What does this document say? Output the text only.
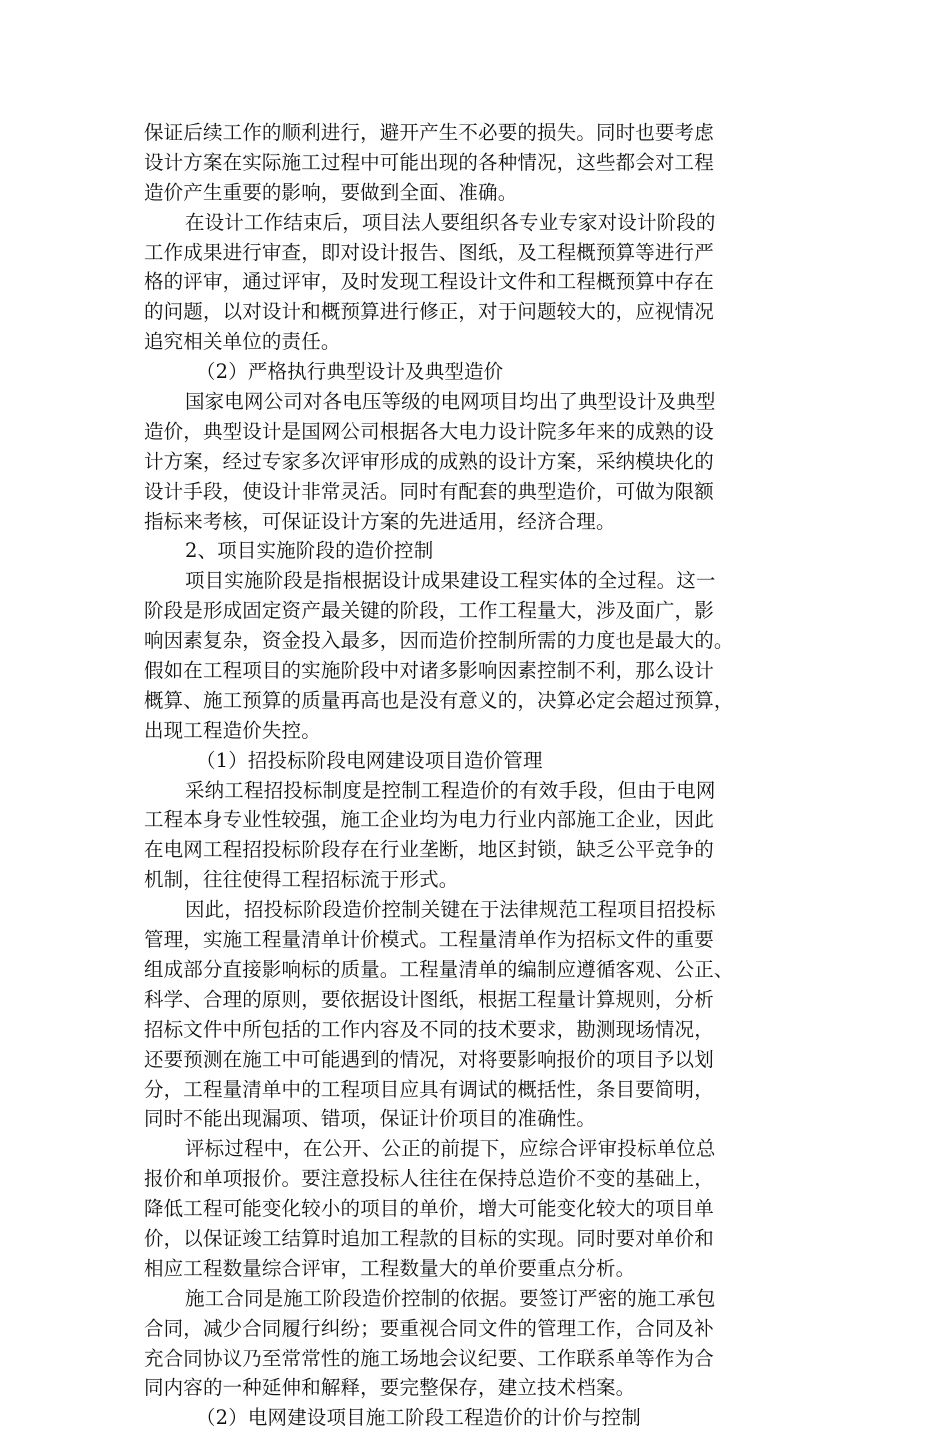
保证后续工作的顺利进行，避开产生不必要的损失。同时也要考虑
设计方案在实际施工过程中可能出现的各种情况，这些都会对工程
造价产生重要的影响，要做到全面、准确。
在设计工作结束后，项目法人要组织各专业专家对设计阶段的
工作成果进行审查，即对设计报告、图纸，及工程概预算等进行严
格的评审，通过评审，及时发现工程设计文件和工程概预算中存在
的问题，以对设计和概预算进行修正，对于问题较大的，应视情况
追究相关单位的责任。
（2）严格执行典型设计及典型造价
国家电网公司对各电压等级的电网项目均出了典型设计及典型
造价，典型设计是国网公司根据各大电力设计院多年来的成熟的设
计方案，经过专家多次评审形成的成熟的设计方案，采纳模块化的
设计手段，使设计非常灵活。同时有配套的典型造价，可做为限额
指标来考核，可保证设计方案的先进适用，经济合理。
2、项目实施阶段的造价控制
项目实施阶段是指根据设计成果建设工程实体的全过程。这一
阶段是形成固定资产最关键的阶段，工作工程量大，涉及面广，影
响因素复杂，资金投入最多，因而造价控制所需的力度也是最大的。
假如在工程项目的实施阶段中对诸多影响因素控制不利，那么设计
概算、施工预算的质量再高也是没有意义的，决算必定会超过预算，
出现工程造价失控。
（1）招投标阶段电网建设项目造价管理
采纳工程招投标制度是控制工程造价的有效手段，但由于电网
工程本身专业性较强，施工企业均为电力行业内部施工企业，因此
在电网工程招投标阶段存在行业垄断，地区封锁，缺乏公平竞争的
机制，往往使得工程招标流于形式。
因此，招投标阶段造价控制关键在于法律规范工程项目招投标
管理，实施工程量清单计价模式。工程量清单作为招标文件的重要
组成部分直接影响标的质量。工程量清单的编制应遵循客观、公正、
科学、合理的原则，要依据设计图纸，根据工程量计算规则，分析
招标文件中所包括的工作内容及不同的技术要求，勘测现场情况，
还要预测在施工中可能遇到的情况，对将要影响报价的项目予以划
分，工程量清单中的工程项目应具有调试的概括性，条目要简明，
同时不能出现漏项、错项，保证计价项目的准确性。
评标过程中，在公开、公正的前提下，应综合评审投标单位总
报价和单项报价。要注意投标人往往在保持总造价不变的基础上，
降低工程可能变化较小的项目的单价，增大可能变化较大的项目单
价，以保证竣工结算时追加工程款的目标的实现。同时要对单价和
相应工程数量综合评审，工程数量大的单价要重点分析。
施工合同是施工阶段造价控制的依据。要签订严密的施工承包
合同，减少合同履行纠纷；要重视合同文件的管理工作，合同及补
充合同协议乃至常常性的施工场地会议纪要、工作联系单等作为合
同内容的一种延伸和解释，要完整保存，建立技术档案。
（2）电网建设项目施工阶段工程造价的计价与控制
